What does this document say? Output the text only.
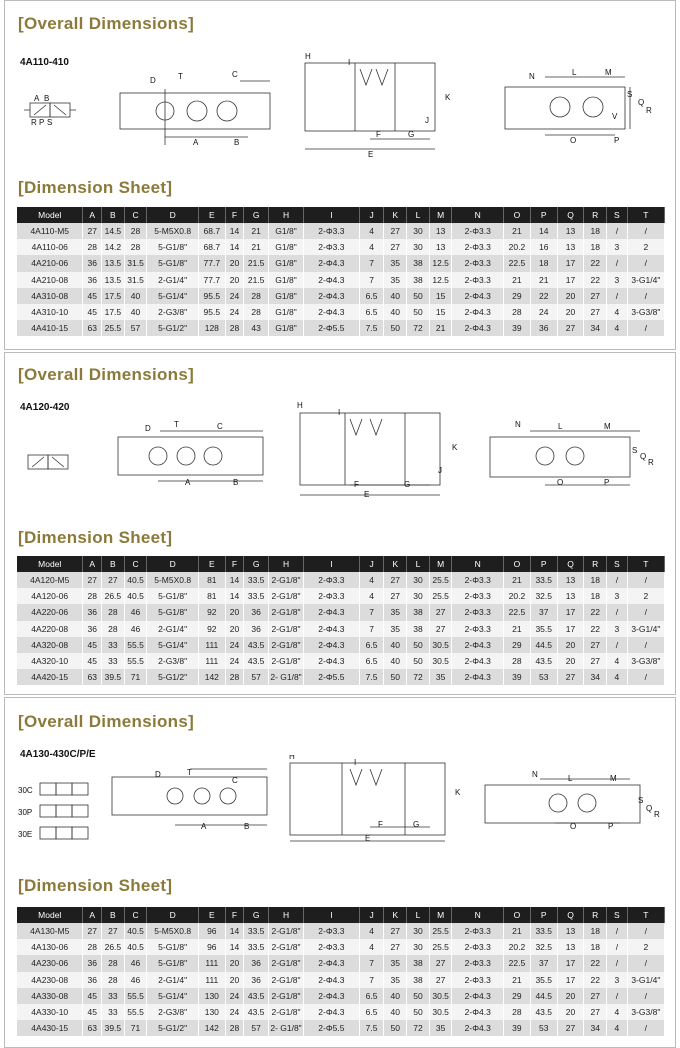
[Overall Dimensions]
4A110-410
A B
R P S
D	T	C
A	B
H
I
K
J
F	G
E
N	L	M
S
Q
R
V
O	P
[Dimension Sheet]
Model	A	B	C	D	E	F	G	H	I	J	K	L	M	N	O	P	Q	R	S	T
4A110-M5	27	14.5	28	5-M5X0.8	68.7	14	21	G1/8"	2-Φ3.3	4	27	30	13	2-Φ3.3	21	14	13	18	/	/
4A110-06	28	14.2	28	5-G1/8"	68.7	14	21	G1/8"	2-Φ3.3	4	27	30	13	2-Φ3.3	20.2	16	13	18	3	2
4A210-06	36	13.5	31.5	5-G1/8"	77.7	20	21.5	G1/8"	2-Φ4.3	7	35	38	12.5	2-Φ3.3	22.5	18	17	22	/	/
4A210-08	36	13.5	31.5	2-G1/4"	77.7	20	21.5	G1/8"	2-Φ4.3	7	35	38	12.5	2-Φ3.3	21	21	17	22	3	3-G1/4"
4A310-08	45	17.5	40	5-G1/4"	95.5	24	28	G1/8"	2-Φ4.3	6.5	40	50	15	2-Φ4.3	29	22	20	27	/	/
4A310-10	45	17.5	40	2-G3/8"	95.5	24	28	G1/8"	2-Φ4.3	6.5	40	50	15	2-Φ4.3	28	24	20	27	4	3-G3/8"
4A410-15	63	25.5	57	5-G1/2"	128	28	43	G1/8"	2-Φ5.5	7.5	50	72	21	2-Φ4.3	39	36	27	34	4	/
[Overall Dimensions]
4A120-420
D	T	C
A	B
H
I
K
J
F	G
E
N	L	M
S
Q
R
O	P
[Dimension Sheet]
Model	A	B	C	D	E	F	G	H	I	J	K	L	M	N	O	P	Q	R	S	T
4A120-M5	27	27	40.5	5-M5X0.8	81	14	33.5	2-G1/8"	2-Φ3.3	4	27	30	25.5	2-Φ3.3	21	33.5	13	18	/	/
4A120-06	28	26.5	40.5	5-G1/8"	81	14	33.5	2-G1/8"	2-Φ3.3	4	27	30	25.5	2-Φ3.3	20.2	32.5	13	18	3	2
4A220-06	36	28	46	5-G1/8"	92	20	36	2-G1/8"	2-Φ4.3	7	35	38	27	2-Φ3.3	22.5	37	17	22	/	/
4A220-08	36	28	46	2-G1/4"	92	20	36	2-G1/8"	2-Φ4.3	7	35	38	27	2-Φ3.3	21	35.5	17	22	3	3-G1/4"
4A320-08	45	33	55.5	5-G1/4"	111	24	43.5	2-G1/8"	2-Φ4.3	6.5	40	50	30.5	2-Φ4.3	29	44.5	20	27	/	/
4A320-10	45	33	55.5	2-G3/8"	111	24	43.5	2-G1/8"	2-Φ4.3	6.5	40	50	30.5	2-Φ4.3	28	43.5	20	27	4	3-G3/8"
4A420-15	63	39.5	71	5-G1/2"	142	28	57	2- G1/8"	2-Φ5.5	7.5	50	72	35	2-Φ4.3	39	53	27	34	4	/
[Overall Dimensions]
4A130-430C/P/E
30C
30P
30E
D	T
C
A	B
H
I
K
F	G
E
N	L	M
S
Q
R
O	P
[Dimension Sheet]
Model	A	B	C	D	E	F	G	H	I	J	K	L	M	N	O	P	Q	R	S	T
4A130-M5	27	27	40.5	5-M5X0.8	96	14	33.5	2-G1/8"	2-Φ3.3	4	27	30	25.5	2-Φ3.3	21	33.5	13	18	/	/
4A130-06	28	26.5	40.5	5-G1/8"	96	14	33.5	2-G1/8"	2-Φ3.3	4	27	30	25.5	2-Φ3.3	20.2	32.5	13	18	/	2
4A230-06	36	28	46	5-G1/8"	111	20	36	2-G1/8"	2-Φ4.3	7	35	38	27	2-Φ3.3	22.5	37	17	22	/	/
4A230-08	36	28	46	2-G1/4"	111	20	36	2-G1/8"	2-Φ4.3	7	35	38	27	2-Φ3.3	21	35.5	17	22	3	3-G1/4"
4A330-08	45	33	55.5	5-G1/4"	130	24	43.5	2-G1/8"	2-Φ4.3	6.5	40	50	30.5	2-Φ4.3	29	44.5	20	27	/	/
4A330-10	45	33	55.5	2-G3/8"	130	24	43.5	2-G1/8"	2-Φ4.3	6.5	40	50	30.5	2-Φ4.3	28	43.5	20	27	4	3-G3/8"
4A430-15	63	39.5	71	5-G1/2"	142	28	57	2- G1/8"	2-Φ5.5	7.5	50	72	35	2-Φ4.3	39	53	27	34	4	/
